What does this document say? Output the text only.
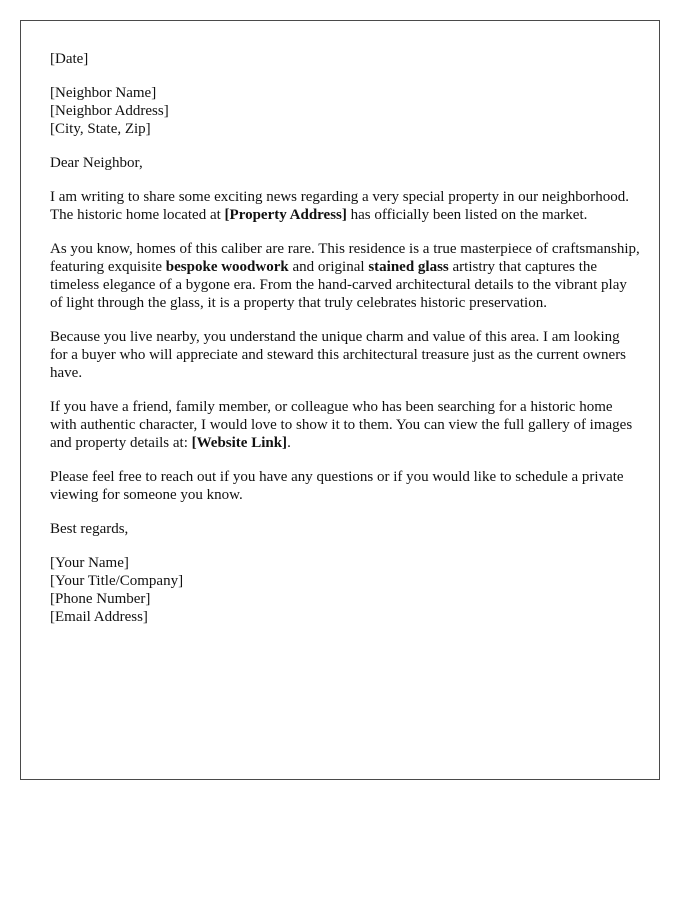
[Date]
[Neighbor Name]
[Neighbor Address]
[City, State, Zip]
Dear Neighbor,

I am writing to share some exciting news regarding a very special property in our neighborhood. The historic home located at [Property Address] has officially been listed on the market.

As you know, homes of this caliber are rare. This residence is a true masterpiece of craftsmanship, featuring exquisite bespoke woodwork and original stained glass artistry that captures the timeless elegance of a bygone era. From the hand-carved architectural details to the vibrant play of light through the glass, it is a property that truly celebrates historic preservation.

Because you live nearby, you understand the unique charm and value of this area. I am looking for a buyer who will appreciate and steward this architectural treasure just as the current owners have.

If you have a friend, family member, or colleague who has been searching for a historic home with authentic character, I would love to show it to them. You can view the full gallery of images and property details at: [Website Link].

Please feel free to reach out if you have any questions or if you would like to schedule a private viewing for someone you know.

Best regards,
[Your Name]
[Your Title/Company]
[Phone Number]
[Email Address]
